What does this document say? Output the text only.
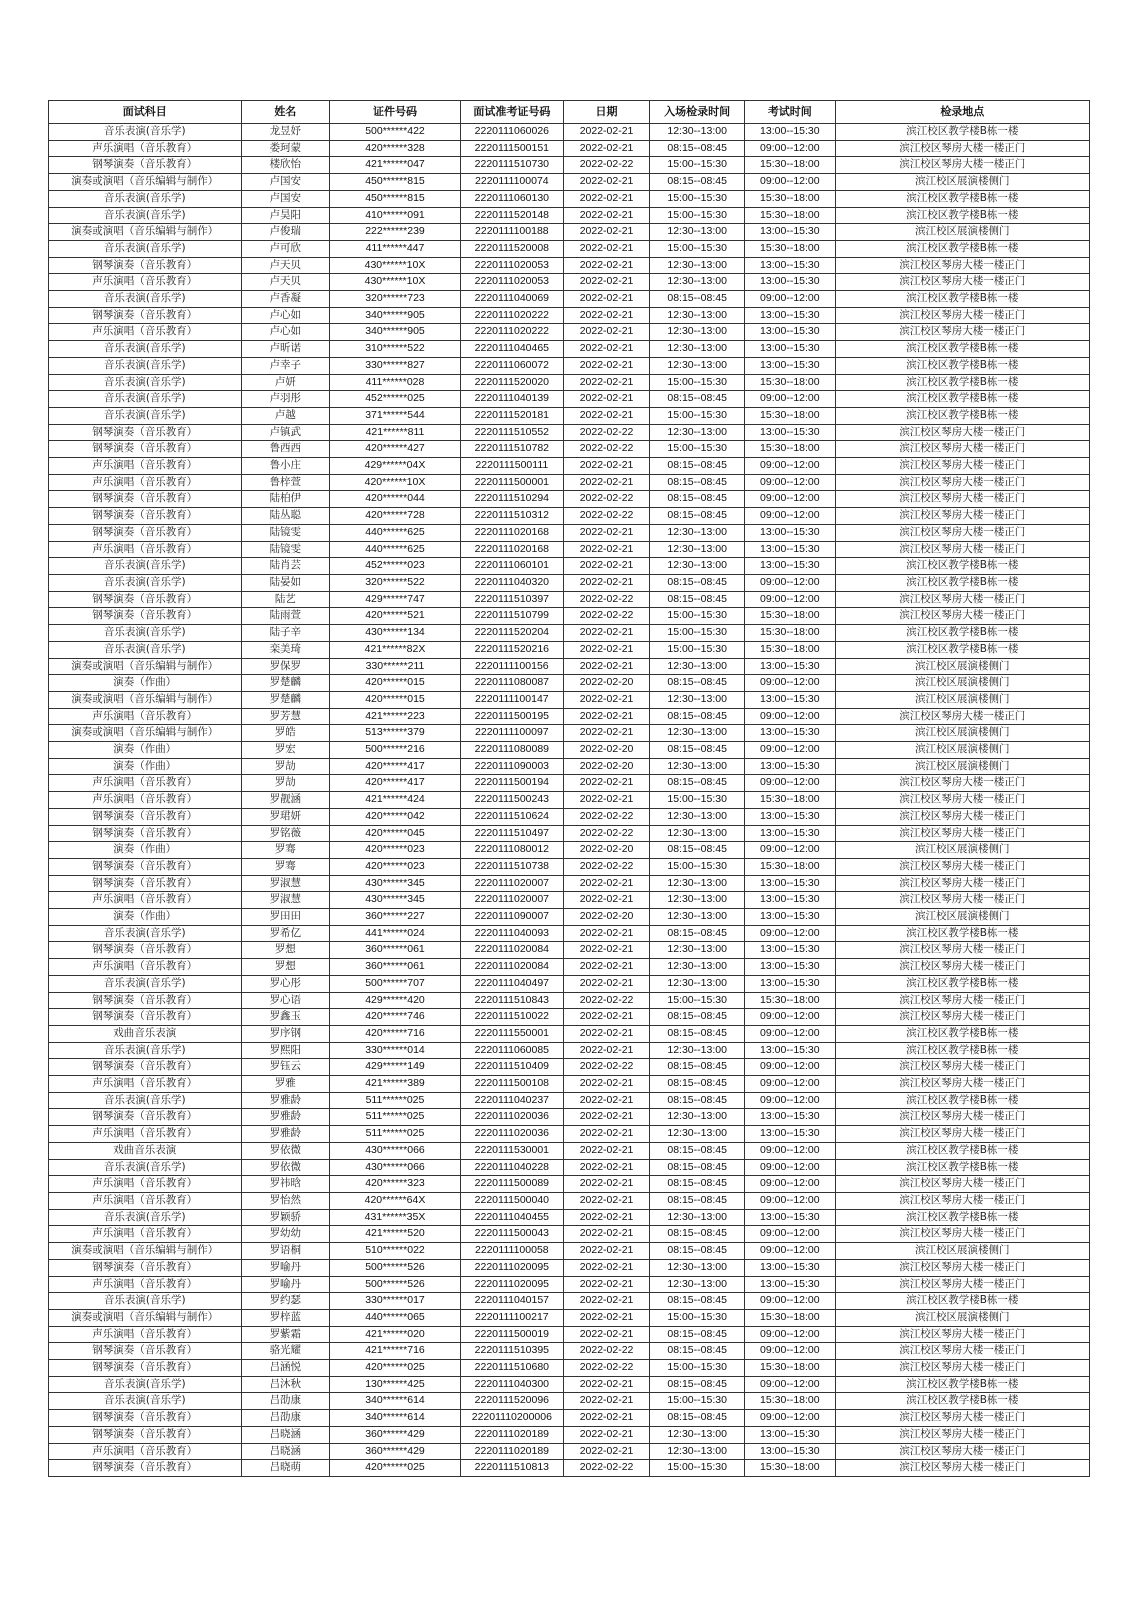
面试科目	姓名	证件号码	面试准考证号码	日期	入场检录时间	考试时间	检录地点
音乐表演(音乐学)	龙昱妤	500******422	2220111060026	2022-02-21	12:30--13:00	13:00--15:30	滨江校区教学楼B栋一楼
声乐演唱（音乐教育）	娄珂蒙	420******328	2220111500151	2022-02-21	08:15--08:45	09:00--12:00	滨江校区琴房大楼一楼正门
钢琴演奏（音乐教育）	楼欣怡	421******047	2220111510730	2022-02-22	15:00--15:30	15:30--18:00	滨江校区琴房大楼一楼正门
演奏或演唱（音乐编辑与制作）	卢国安	450******815	2220111100074	2022-02-21	08:15--08:45	09:00--12:00	滨江校区展演楼侧门
音乐表演(音乐学)	卢国安	450******815	2220111060130	2022-02-21	15:00--15:30	15:30--18:00	滨江校区教学楼B栋一楼
音乐表演(音乐学)	卢昊阳	410******091	2220111520148	2022-02-21	15:00--15:30	15:30--18:00	滨江校区教学楼B栋一楼
演奏或演唱（音乐编辑与制作）	卢俊瑞	222******239	2220111100188	2022-02-21	12:30--13:00	13:00--15:30	滨江校区展演楼侧门
音乐表演(音乐学)	卢可欣	411******447	2220111520008	2022-02-21	15:00--15:30	15:30--18:00	滨江校区教学楼B栋一楼
钢琴演奏（音乐教育）	卢天贝	430******10X	2220111020053	2022-02-21	12:30--13:00	13:00--15:30	滨江校区琴房大楼一楼正门
声乐演唱（音乐教育）	卢天贝	430******10X	2220111020053	2022-02-21	12:30--13:00	13:00--15:30	滨江校区琴房大楼一楼正门
音乐表演(音乐学)	卢香凝	320******723	2220111040069	2022-02-21	08:15--08:45	09:00--12:00	滨江校区教学楼B栋一楼
钢琴演奏（音乐教育）	卢心如	340******905	2220111020222	2022-02-21	12:30--13:00	13:00--15:30	滨江校区琴房大楼一楼正门
声乐演唱（音乐教育）	卢心如	340******905	2220111020222	2022-02-21	12:30--13:00	13:00--15:30	滨江校区琴房大楼一楼正门
音乐表演(音乐学)	卢昕诺	310******522	2220111040465	2022-02-21	12:30--13:00	13:00--15:30	滨江校区教学楼B栋一楼
音乐表演(音乐学)	卢幸子	330******827	2220111060072	2022-02-21	12:30--13:00	13:00--15:30	滨江校区教学楼B栋一楼
音乐表演(音乐学)	卢妍	411******028	2220111520020	2022-02-21	15:00--15:30	15:30--18:00	滨江校区教学楼B栋一楼
音乐表演(音乐学)	卢羽彤	452******025	2220111040139	2022-02-21	08:15--08:45	09:00--12:00	滨江校区教学楼B栋一楼
音乐表演(音乐学)	卢越	371******544	2220111520181	2022-02-21	15:00--15:30	15:30--18:00	滨江校区教学楼B栋一楼
钢琴演奏（音乐教育）	卢镇武	421******811	2220111510552	2022-02-22	12:30--13:00	13:00--15:30	滨江校区琴房大楼一楼正门
钢琴演奏（音乐教育）	鲁西西	420******427	2220111510782	2022-02-22	15:00--15:30	15:30--18:00	滨江校区琴房大楼一楼正门
声乐演唱（音乐教育）	鲁小庄	429******04X	2220111500111	2022-02-21	08:15--08:45	09:00--12:00	滨江校区琴房大楼一楼正门
声乐演唱（音乐教育）	鲁梓萱	420******10X	2220111500001	2022-02-21	08:15--08:45	09:00--12:00	滨江校区琴房大楼一楼正门
钢琴演奏（音乐教育）	陆柏伊	420******044	2220111510294	2022-02-22	08:15--08:45	09:00--12:00	滨江校区琴房大楼一楼正门
钢琴演奏（音乐教育）	陆丛聪	420******728	2220111510312	2022-02-22	08:15--08:45	09:00--12:00	滨江校区琴房大楼一楼正门
钢琴演奏（音乐教育）	陆镜雯	440******625	2220111020168	2022-02-21	12:30--13:00	13:00--15:30	滨江校区琴房大楼一楼正门
声乐演唱（音乐教育）	陆镜雯	440******625	2220111020168	2022-02-21	12:30--13:00	13:00--15:30	滨江校区琴房大楼一楼正门
音乐表演(音乐学)	陆肖芸	452******023	2220111060101	2022-02-21	12:30--13:00	13:00--15:30	滨江校区教学楼B栋一楼
音乐表演(音乐学)	陆晏如	320******522	2220111040320	2022-02-21	08:15--08:45	09:00--12:00	滨江校区教学楼B栋一楼
钢琴演奏（音乐教育）	陆艺	429******747	2220111510397	2022-02-22	08:15--08:45	09:00--12:00	滨江校区琴房大楼一楼正门
钢琴演奏（音乐教育）	陆雨萱	420******521	2220111510799	2022-02-22	15:00--15:30	15:30--18:00	滨江校区琴房大楼一楼正门
音乐表演(音乐学)	陆子辛	430******134	2220111520204	2022-02-21	15:00--15:30	15:30--18:00	滨江校区教学楼B栋一楼
音乐表演(音乐学)	栾美琦	421******82X	2220111520216	2022-02-21	15:00--15:30	15:30--18:00	滨江校区教学楼B栋一楼
演奏或演唱（音乐编辑与制作）	罗保罗	330******211	2220111100156	2022-02-21	12:30--13:00	13:00--15:30	滨江校区展演楼侧门
演奏（作曲）	罗楚麟	420******015	2220111080087	2022-02-20	08:15--08:45	09:00--12:00	滨江校区展演楼侧门
演奏或演唱（音乐编辑与制作）	罗楚麟	420******015	2220111100147	2022-02-21	12:30--13:00	13:00--15:30	滨江校区展演楼侧门
声乐演唱（音乐教育）	罗芳慧	421******223	2220111500195	2022-02-21	08:15--08:45	09:00--12:00	滨江校区琴房大楼一楼正门
演奏或演唱（音乐编辑与制作）	罗皓	513******379	2220111100097	2022-02-21	12:30--13:00	13:00--15:30	滨江校区展演楼侧门
演奏（作曲）	罗宏	500******216	2220111080089	2022-02-20	08:15--08:45	09:00--12:00	滨江校区展演楼侧门
演奏（作曲）	罗劼	420******417	2220111090003	2022-02-20	12:30--13:00	13:00--15:30	滨江校区展演楼侧门
声乐演唱（音乐教育）	罗劼	420******417	2220111500194	2022-02-21	08:15--08:45	09:00--12:00	滨江校区琴房大楼一楼正门
声乐演唱（音乐教育）	罗靓涵	421******424	2220111500243	2022-02-21	15:00--15:30	15:30--18:00	滨江校区琴房大楼一楼正门
钢琴演奏（音乐教育）	罗珺妍	420******042	2220111510624	2022-02-22	12:30--13:00	13:00--15:30	滨江校区琴房大楼一楼正门
钢琴演奏（音乐教育）	罗铭薇	420******045	2220111510497	2022-02-22	12:30--13:00	13:00--15:30	滨江校区琴房大楼一楼正门
演奏（作曲）	罗骞	420******023	2220111080012	2022-02-20	08:15--08:45	09:00--12:00	滨江校区展演楼侧门
钢琴演奏（音乐教育）	罗骞	420******023	2220111510738	2022-02-22	15:00--15:30	15:30--18:00	滨江校区琴房大楼一楼正门
钢琴演奏（音乐教育）	罗淑慧	430******345	2220111020007	2022-02-21	12:30--13:00	13:00--15:30	滨江校区琴房大楼一楼正门
声乐演唱（音乐教育）	罗淑慧	430******345	2220111020007	2022-02-21	12:30--13:00	13:00--15:30	滨江校区琴房大楼一楼正门
演奏（作曲）	罗田田	360******227	2220111090007	2022-02-20	12:30--13:00	13:00--15:30	滨江校区展演楼侧门
音乐表演(音乐学)	罗希亿	441******024	2220111040093	2022-02-21	08:15--08:45	09:00--12:00	滨江校区教学楼B栋一楼
钢琴演奏（音乐教育）	罗想	360******061	2220111020084	2022-02-21	12:30--13:00	13:00--15:30	滨江校区琴房大楼一楼正门
声乐演唱（音乐教育）	罗想	360******061	2220111020084	2022-02-21	12:30--13:00	13:00--15:30	滨江校区琴房大楼一楼正门
音乐表演(音乐学)	罗心彤	500******707	2220111040497	2022-02-21	12:30--13:00	13:00--15:30	滨江校区教学楼B栋一楼
钢琴演奏（音乐教育）	罗心语	429******420	2220111510843	2022-02-22	15:00--15:30	15:30--18:00	滨江校区琴房大楼一楼正门
钢琴演奏（音乐教育）	罗鑫玉	420******746	2220111510022	2022-02-21	08:15--08:45	09:00--12:00	滨江校区琴房大楼一楼正门
戏曲音乐表演	罗序钢	420******716	2220111550001	2022-02-21	08:15--08:45	09:00--12:00	滨江校区教学楼B栋一楼
音乐表演(音乐学)	罗熙阳	330******014	2220111060085	2022-02-21	12:30--13:00	13:00--15:30	滨江校区教学楼B栋一楼
钢琴演奏（音乐教育）	罗钰云	429******149	2220111510409	2022-02-22	08:15--08:45	09:00--12:00	滨江校区琴房大楼一楼正门
声乐演唱（音乐教育）	罗雅	421******389	2220111500108	2022-02-21	08:15--08:45	09:00--12:00	滨江校区琴房大楼一楼正门
音乐表演(音乐学)	罗雅龄	511******025	2220111040237	2022-02-21	08:15--08:45	09:00--12:00	滨江校区教学楼B栋一楼
钢琴演奏（音乐教育）	罗雅龄	511******025	2220111020036	2022-02-21	12:30--13:00	13:00--15:30	滨江校区琴房大楼一楼正门
声乐演唱（音乐教育）	罗雅龄	511******025	2220111020036	2022-02-21	12:30--13:00	13:00--15:30	滨江校区琴房大楼一楼正门
戏曲音乐表演	罗依微	430******066	2220111530001	2022-02-21	08:15--08:45	09:00--12:00	滨江校区教学楼B栋一楼
音乐表演(音乐学)	罗依微	430******066	2220111040228	2022-02-21	08:15--08:45	09:00--12:00	滨江校区教学楼B栋一楼
声乐演唱（音乐教育）	罗祎晗	420******323	2220111500089	2022-02-21	08:15--08:45	09:00--12:00	滨江校区琴房大楼一楼正门
声乐演唱（音乐教育）	罗怡然	420******64X	2220111500040	2022-02-21	08:15--08:45	09:00--12:00	滨江校区琴房大楼一楼正门
音乐表演(音乐学)	罗颖骄	431******35X	2220111040455	2022-02-21	12:30--13:00	13:00--15:30	滨江校区教学楼B栋一楼
声乐演唱（音乐教育）	罗幼幼	421******520	2220111500043	2022-02-21	08:15--08:45	09:00--12:00	滨江校区琴房大楼一楼正门
演奏或演唱（音乐编辑与制作）	罗语桐	510******022	2220111100058	2022-02-21	08:15--08:45	09:00--12:00	滨江校区展演楼侧门
钢琴演奏（音乐教育）	罗喻丹	500******526	2220111020095	2022-02-21	12:30--13:00	13:00--15:30	滨江校区琴房大楼一楼正门
声乐演唱（音乐教育）	罗喻丹	500******526	2220111020095	2022-02-21	12:30--13:00	13:00--15:30	滨江校区琴房大楼一楼正门
音乐表演(音乐学)	罗约瑟	330******017	2220111040157	2022-02-21	08:15--08:45	09:00--12:00	滨江校区教学楼B栋一楼
演奏或演唱（音乐编辑与制作）	罗梓蓝	440******065	2220111100217	2022-02-21	15:00--15:30	15:30--18:00	滨江校区展演楼侧门
声乐演唱（音乐教育）	罗紫霜	421******020	2220111500019	2022-02-21	08:15--08:45	09:00--12:00	滨江校区琴房大楼一楼正门
钢琴演奏（音乐教育）	骆光耀	421******716	2220111510395	2022-02-22	08:15--08:45	09:00--12:00	滨江校区琴房大楼一楼正门
钢琴演奏（音乐教育）	吕涵悦	420******025	2220111510680	2022-02-22	15:00--15:30	15:30--18:00	滨江校区琴房大楼一楼正门
音乐表演(音乐学)	吕沐秋	130******425	2220111040300	2022-02-21	08:15--08:45	09:00--12:00	滨江校区教学楼B栋一楼
音乐表演(音乐学)	吕劭康	340******614	2220111520096	2022-02-21	15:00--15:30	15:30--18:00	滨江校区教学楼B栋一楼
钢琴演奏（音乐教育）	吕劭康	340******614	22201110200006	2022-02-21	08:15--08:45	09:00--12:00	滨江校区琴房大楼一楼正门
钢琴演奏（音乐教育）	吕晓涵	360******429	2220111020189	2022-02-21	12:30--13:00	13:00--15:30	滨江校区琴房大楼一楼正门
声乐演唱（音乐教育）	吕晓涵	360******429	2220111020189	2022-02-21	12:30--13:00	13:00--15:30	滨江校区琴房大楼一楼正门
钢琴演奏（音乐教育）	吕晓萌	420******025	2220111510813	2022-02-22	15:00--15:30	15:30--18:00	滨江校区琴房大楼一楼正门
